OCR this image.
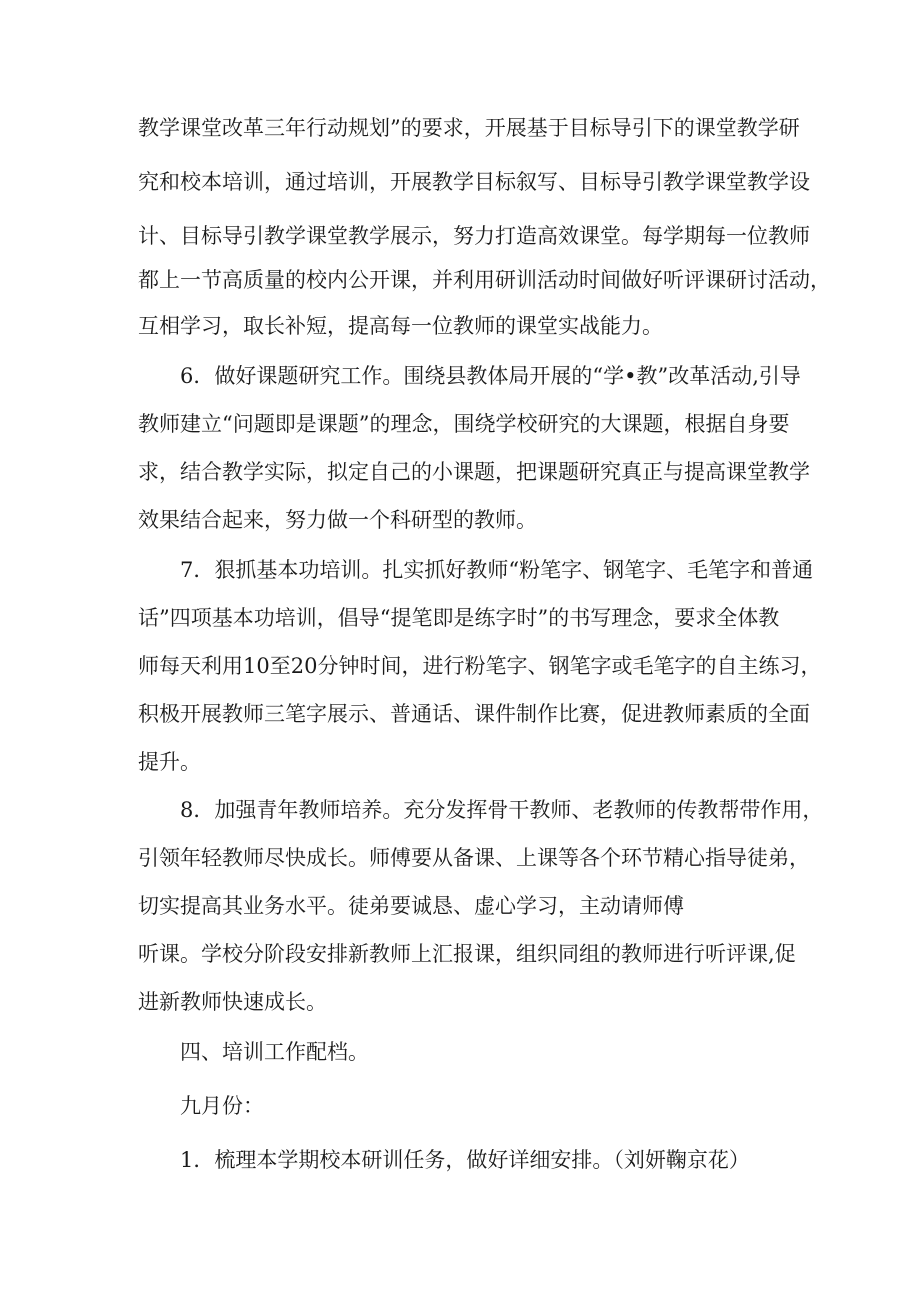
教学课堂改革三年行动规划”的要求，开展基于目标导引下的课堂教学研
究和校本培训，通过培训，开展教学目标叙写、目标导引教学课堂教学设
计、目标导引教学课堂教学展示，努力打造高效课堂。每学期每一位教师
都上一节高质量的校内公开课，并利用研训活动时间做好听评课研讨活动，
互相学习，取长补短，提高每一位教师的课堂实战能力。
6．做好课题研究工作。围绕县教体局开展的“学•教”改革活动,引导
教师建立“问题即是课题”的理念，围绕学校研究的大课题，根据自身要
求，结合教学实际，拟定自己的小课题，把课题研究真正与提高课堂教学
效果结合起来，努力做一个科研型的教师。
7．狠抓基本功培训。扎实抓好教师“粉笔字、钢笔字、毛笔字和普通
话”四项基本功培训，倡导“提笔即是练字时”的书写理念，要求全体教
师每天利用10至20分钟时间，进行粉笔字、钢笔字或毛笔字的自主练习，
积极开展教师三笔字展示、普通话、课件制作比赛，促进教师素质的全面
提升。
8．加强青年教师培养。充分发挥骨干教师、老教师的传教帮带作用，
引领年轻教师尽快成长。师傅要从备课、上课等各个环节精心指导徒弟，
切实提高其业务水平。徒弟要诚恳、虚心学习，主动请师傅
听课。学校分阶段安排新教师上汇报课，组织同组的教师进行听评课,促
进新教师快速成长。
四、培训工作配档。
九月份：
1．梳理本学期校本研训任务，做好详细安排。（刘妍鞠京花）
